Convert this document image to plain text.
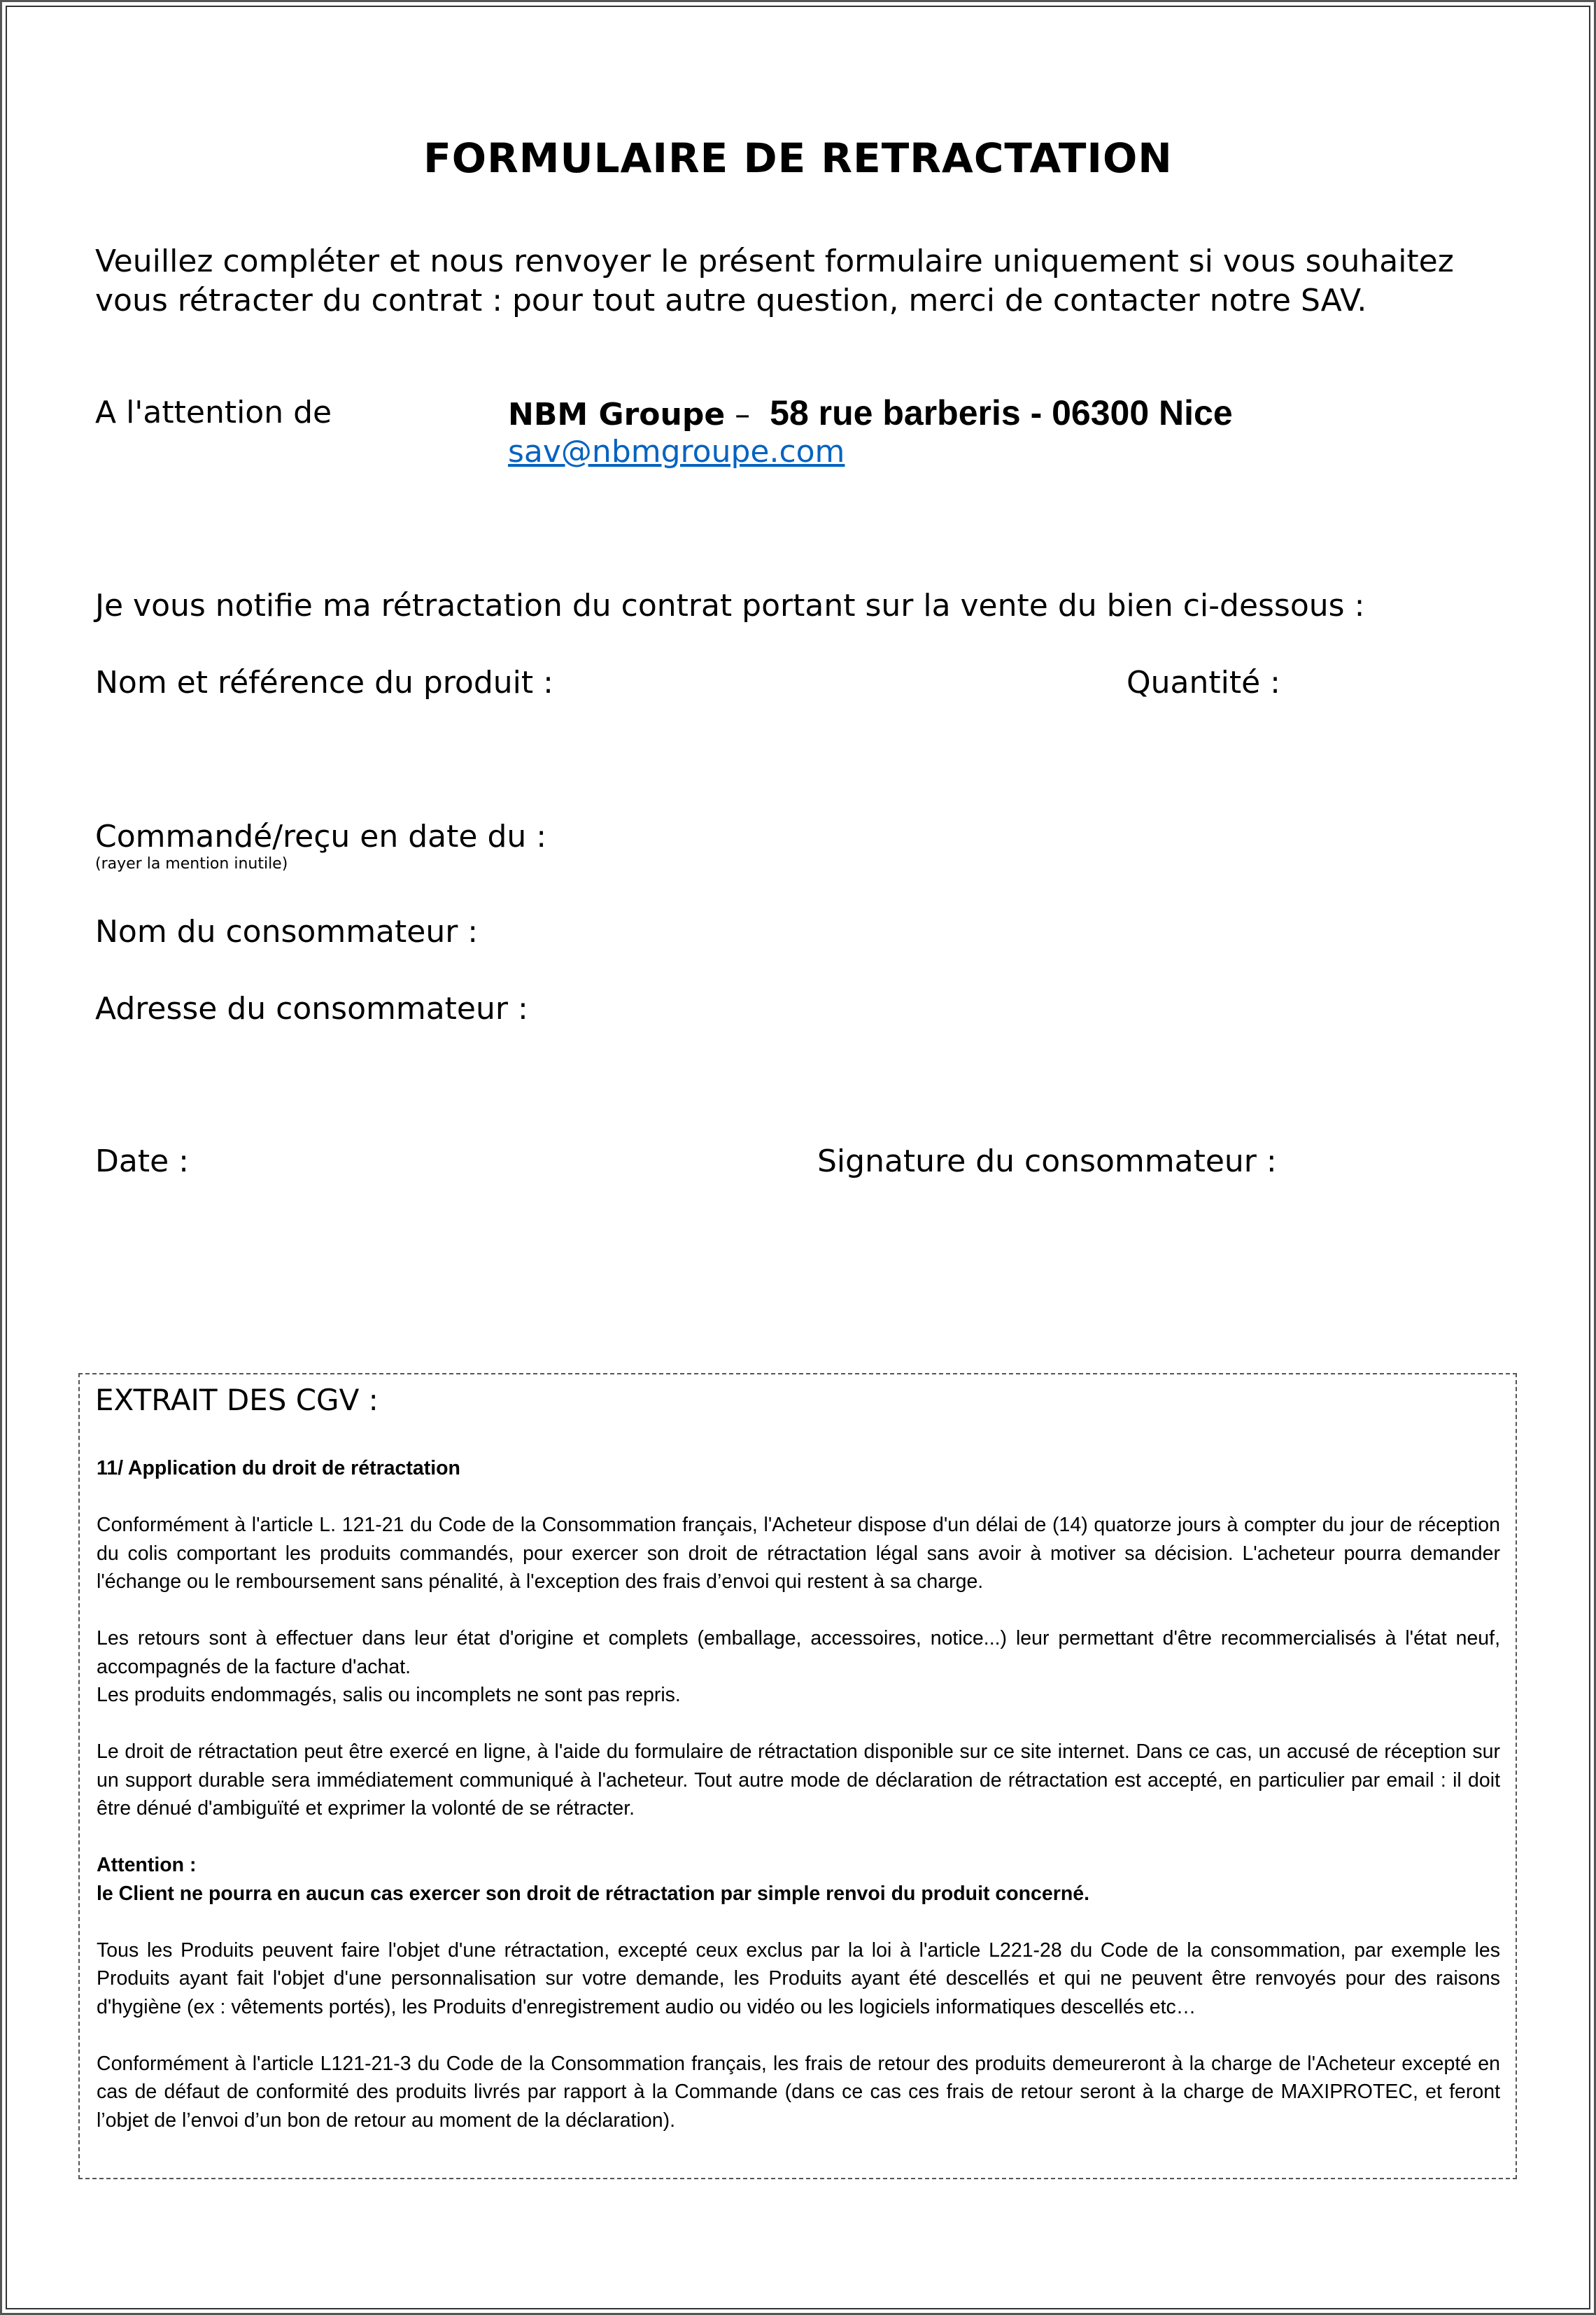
FORMULAIRE DE RETRACTATION
Veuillez compléter et nous renvoyer le présent formulaire uniquement si vous souhaitez vous rétracter du contrat : pour tout autre question, merci de contacter notre SAV.
A l'attention de	NBM Groupe – 58 rue barberis - 06300 Nice
sav@nbmgroupe.com
Je vous notifie ma rétractation du contrat portant sur la vente du bien ci-dessous :
Nom et référence du produit :	Quantité :
Commandé/reçu en date du :
(rayer la mention inutile)
Nom du consommateur :
Adresse du consommateur :
Date :	Signature du consommateur :
EXTRAIT DES CGV :

11/ Application du droit de rétractation

Conformément à l'article L. 121-21 du Code de la Consommation français, l'Acheteur dispose d'un délai de (14) quatorze jours à compter du jour de réception du colis comportant les produits commandés, pour exercer son droit de rétractation légal sans avoir à motiver sa décision. L'acheteur pourra demander l'échange ou le remboursement sans pénalité, à l'exception des frais d’envoi qui restent à sa charge.

Les retours sont à effectuer dans leur état d'origine et complets (emballage, accessoires, notice...) leur permettant d'être recommercialisés à l'état neuf, accompagnés de la facture d'achat.

Les produits endommagés, salis ou incomplets ne sont pas repris.

Le droit de rétractation peut être exercé en ligne, à l'aide du formulaire de rétractation disponible sur ce site internet. Dans ce cas, un accusé de réception sur un support durable sera immédiatement communiqué à l'acheteur. Tout autre mode de déclaration de rétractation est accepté, en particulier par email : il doit être dénué d'ambiguïté et exprimer la volonté de se rétracter.

Attention :

le Client ne pourra en aucun cas exercer son droit de rétractation par simple renvoi du produit concerné.

Tous les Produits peuvent faire l'objet d'une rétractation, excepté ceux exclus par la loi à l'article L221-28 du Code de la consommation, par exemple les Produits ayant fait l'objet d'une personnalisation sur votre demande, les Produits ayant été descellés et qui ne peuvent être renvoyés pour des raisons d'hygiène (ex : vêtements portés), les Produits d'enregistrement audio ou vidéo ou les logiciels informatiques descellés etc…

Conformément à l'article L121-21-3 du Code de la Consommation français, les frais de retour des produits demeureront à la charge de l'Acheteur excepté en cas de défaut de conformité des produits livrés par rapport à la Commande (dans ce cas ces frais de retour seront à la charge de MAXIPROTEC, et feront l’objet de l’envoi d’un bon de retour au moment de la déclaration).
